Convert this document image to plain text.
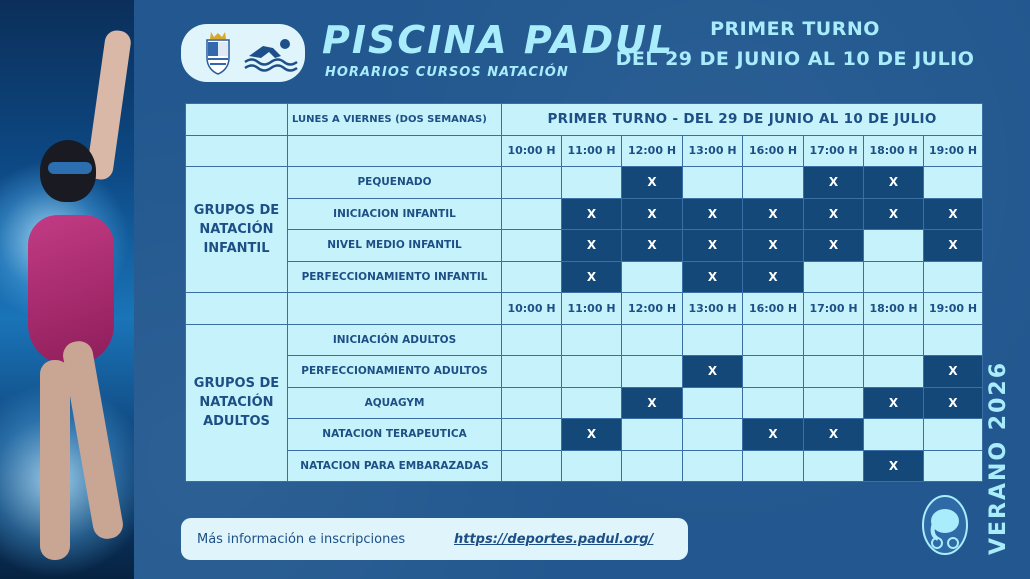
PISCINA PADUL
HORARIOS CURSOS NATACIÓN
PRIMER TURNO
DEL 29 DE JUNIO AL 10 DE JULIO
	LUNES A VIERNES (DOS SEMANAS)	PRIMER TURNO - DEL 29 DE JUNIO AL 10 DE JULIO							
		10:00 H	11:00 H	12:00 H	13:00 H	16:00 H	17:00 H	18:00 H	19:00 H
GRUPOS DE NATACIÓN INFANTIL	PEQUENADO			X			X	X	
	INICIACION INFANTIL		X	X	X	X	X	X	X
	NIVEL MEDIO INFANTIL		X	X	X	X	X		X
	PERFECCIONAMIENTO INFANTIL		X		X	X			
		10:00 H	11:00 H	12:00 H	13:00 H	16:00 H	17:00 H	18:00 H	19:00 H
GRUPOS DE NATACIÓN ADULTOS	INICIACIÓN ADULTOS								
	PERFECCIONAMIENTO ADULTOS				X				X
	AQUAGYM			X				X	X
	NATACION TERAPEUTICA		X			X	X		
	NATACION PARA EMBARAZADAS							X	
Más información e inscripciones	https://deportes.padul.org/	VERANO 2026
